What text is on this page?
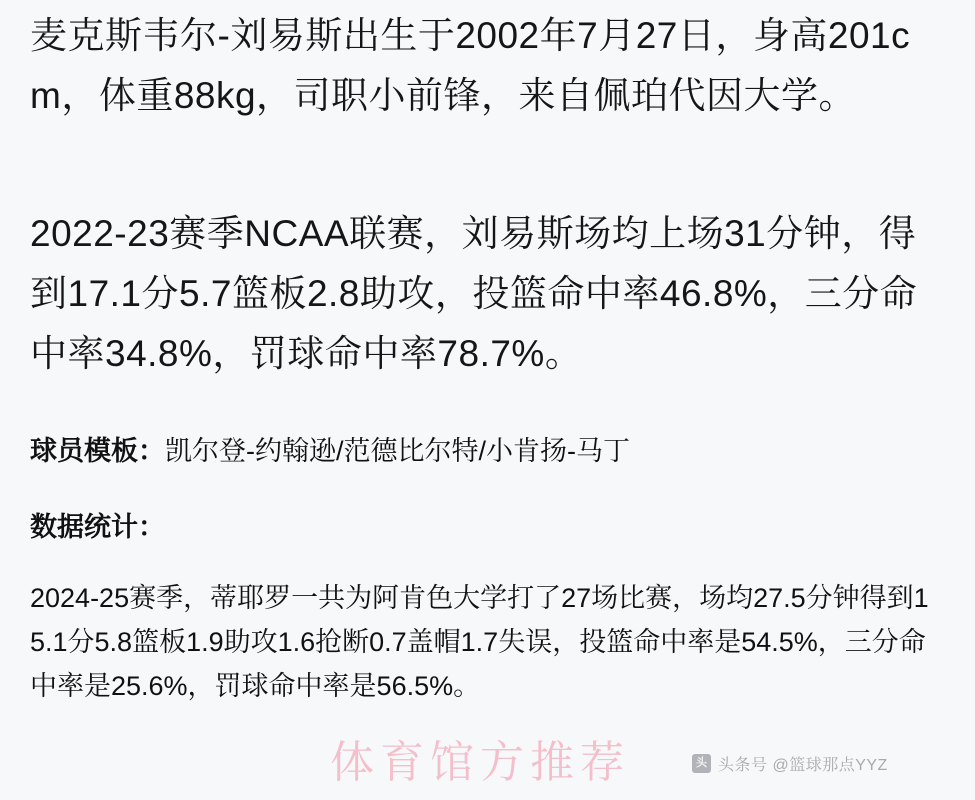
麦克斯韦尔-刘易斯出生于2002年7月27日，身高201cm，体重88kg，司职小前锋，来自佩珀代因大学。

2022-23赛季NCAA联赛，刘易斯场均上场31分钟，得到17.1分5.7篮板2.8助攻，投篮命中率46.8%，三分命中率34.8%，罚球命中率78.7%。

球员模板：凯尔登-约翰逊/范德比尔特/小肯扬-马丁

数据统计：

2024-25赛季，蒂耶罗一共为阿肯色大学打了27场比赛，场均27.5分钟得到15.1分5.8篮板1.9助攻1.6抢断0.7盖帽1.7失误，投篮命中率是54.5%，三分命中率是25.6%，罚球命中率是56.5%。

体育馆方推荐	头 头条号 @篮球那点YYZ
